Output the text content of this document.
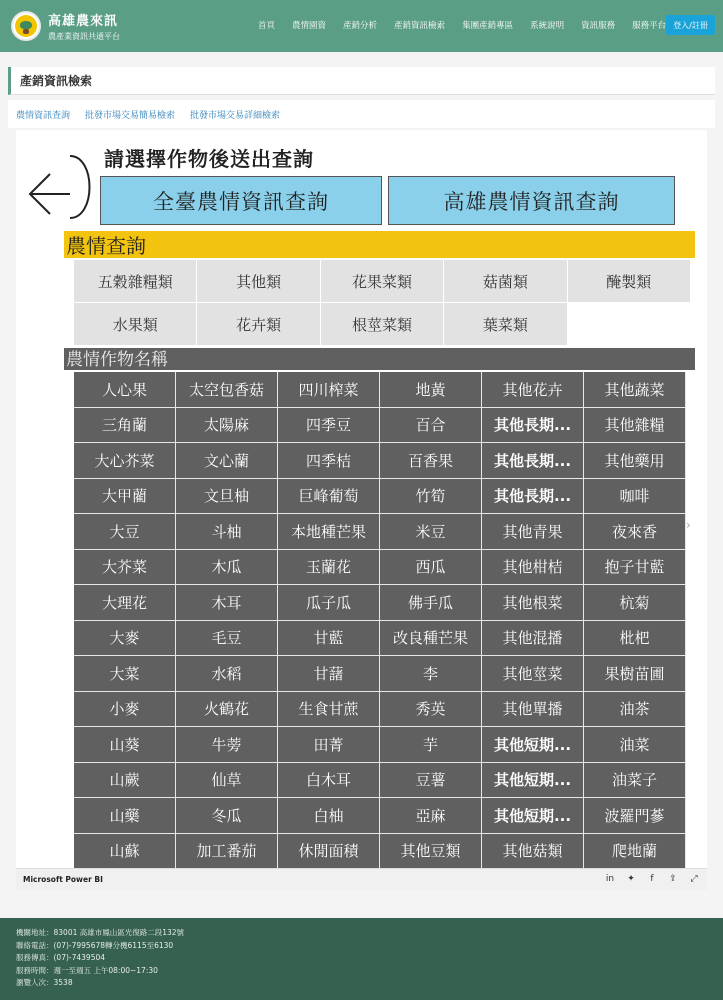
高雄農來訊
農產業資訊共通平台
首頁 農情園資 產銷分析 產銷資訊檢索 集團產銷專區 系統說明 資訊服務 服務平台 登入/註冊
產銷資訊檢索
農情資訊查詢 批發市場交易簡易檢索 批發市場交易詳細檢索
請選擇作物後送出查詢
全臺農情資訊查詢	高雄農情資訊查詢
農情查詢
五穀雜糧類	其他類	花果菜類	菇菌類	醃製類
水果類	花卉類	根莖菜類	葉菜類
農情作物名稱
人心果	太空包香菇	四川榨菜	地黃	其他花卉	其他蔬菜
三角蘭	太陽麻	四季豆	百合	其他長期...	其他雜糧
大心芥菜	文心蘭	四季桔	百香果	其他長期...	其他藥用
大甲藺	文旦柚	巨峰葡萄	竹筍	其他長期...	咖啡
大豆	斗柚	本地種芒果	米豆	其他青果	夜來香
大芥菜	木瓜	玉蘭花	西瓜	其他柑桔	抱子甘藍
大理花	木耳	瓜子瓜	佛手瓜	其他根菜	杭菊
大麥	毛豆	甘藍	改良種芒果	其他混播	枇杷
大菜	水稻	甘藷	李	其他莖菜	果樹苗圃
小麥	火鶴花	生食甘蔗	秀英	其他單播	油茶
山葵	牛蒡	田菁	芋	其他短期...	油菜
山蕨	仙草	白木耳	豆薯	其他短期...	油菜子
山藥	冬瓜	白柚	亞麻	其他短期...	波羅門蔘
山蘇	加工番茄	休閒面積	其他豆類	其他菇類	爬地蘭
›
Microsoft Power BI	in ✦	f	⇪ ⤢
機關地址：83001 高雄市鳳山區光復路二段132號
聯絡電話：(07)-7995678轉分機6115至6130
服務傳真：(07)-7439504
服務時間：週一至週五 上午08:00~17:30
瀏覽人次：3538
